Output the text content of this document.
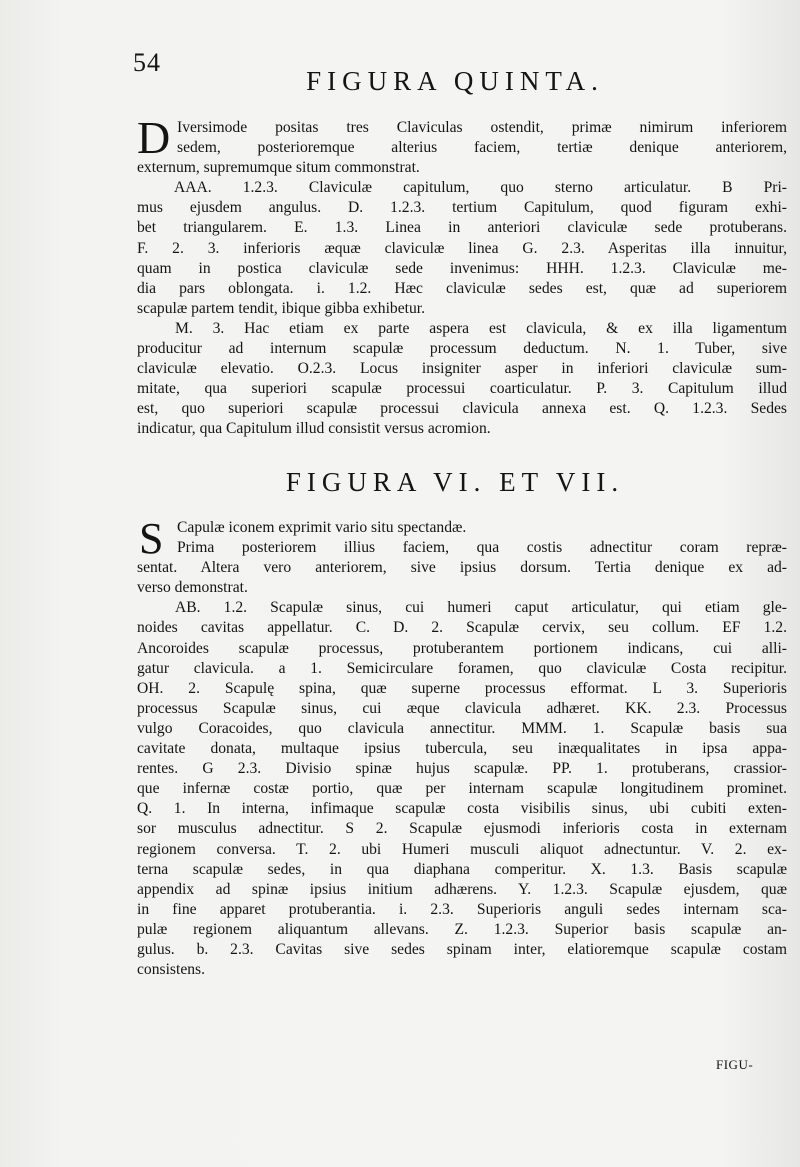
54
FIGURA QUINTA.
D Iversimode positas tres Claviculas ostendit, primæ nimirum inferiorem
sedem, posterioremque alterius faciem, tertiæ denique anteriorem,
externum, supremumque situm commonstrat.
AAA. 1.2.3. Claviculæ capitulum, quo sterno articulatur. B Pri-
mus ejusdem angulus. D. 1.2.3. tertium Capitulum, quod figuram exhi-
bet triangularem. E. 1.3. Linea in anteriori claviculæ sede protuberans.
F. 2. 3. inferioris æquæ claviculæ linea G. 2.3. Asperitas illa innuitur,
quam in postica claviculæ sede invenimus: HHH. 1.2.3. Claviculæ me-
dia pars oblongata. i. 1.2. Hæc claviculæ sedes est, quæ ad superiorem
scapulæ partem tendit, ibique gibba exhibetur.
M. 3. Hac etiam ex parte aspera est clavicula, & ex illa ligamentum
producitur ad internum scapulæ processum deductum. N. 1. Tuber, sive
claviculæ elevatio. O.2.3. Locus insigniter asper in inferiori claviculæ sum-
mitate, qua superiori scapulæ processui coarticulatur. P. 3. Capitulum illud
est, quo superiori scapulæ processui clavicula annexa est. Q. 1.2.3. Sedes
indicatur, qua Capitulum illud consistit versus acromion.
FIGURA VI. ET VII.
S Capulæ iconem exprimit vario situ spectandæ.
Prima posteriorem illius faciem, qua costis adnectitur coram repræ-
sentat. Altera vero anteriorem, sive ipsius dorsum. Tertia denique ex ad-
verso demonstrat.
AB. 1.2. Scapulæ sinus, cui humeri caput articulatur, qui etiam gle-
noides cavitas appellatur. C. D. 2. Scapulæ cervix, seu collum. EF 1.2.
Ancoroides scapulæ processus, protuberantem portionem indicans, cui alli-
gatur clavicula. a 1. Semicirculare foramen, quo claviculæ Costa recipitur.
OH. 2. Scapulę spina, quæ superne processus efformat. L 3. Superioris
processus Scapulæ sinus, cui æque clavicula adhæret. KK. 2.3. Processus
vulgo Coracoides, quo clavicula annectitur. MMM. 1. Scapulæ basis sua
cavitate donata, multaque ipsius tubercula, seu inæqualitates in ipsa appa-
rentes. G 2.3. Divisio spinæ hujus scapulæ. PP. 1. protuberans, crassior-
que infernæ costæ portio, quæ per internam scapulæ longitudinem prominet.
Q. 1. In interna, infimaque scapulæ costa visibilis sinus, ubi cubiti exten-
sor musculus adnectitur. S 2. Scapulæ ejusmodi inferioris costa in externam
regionem conversa. T. 2. ubi Humeri musculi aliquot adnectuntur. V. 2. ex-
terna scapulæ sedes, in qua diaphana comperitur. X. 1.3. Basis scapulæ
appendix ad spinæ ipsius initium adhærens. Y. 1.2.3. Scapulæ ejusdem, quæ
in fine apparet protuberantia. i. 2.3. Superioris anguli sedes internam sca-
pulæ regionem aliquantum allevans. Z. 1.2.3. Superior basis scapulæ an-
gulus. b. 2.3. Cavitas sive sedes spinam inter, elatioremque scapulæ costam
consistens.
FIGU-
